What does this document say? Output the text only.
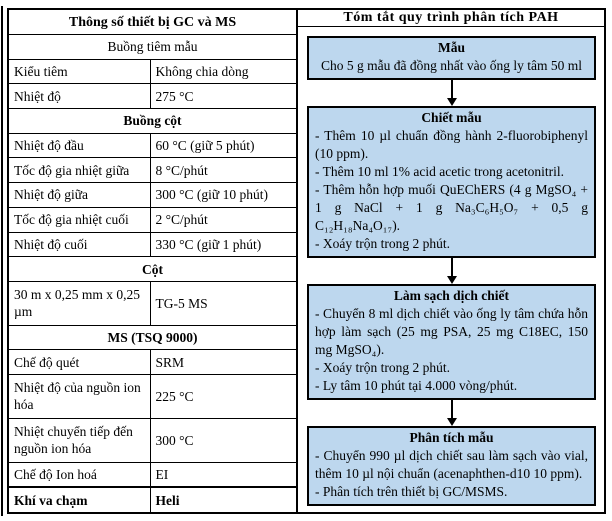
Thông số thiết bị GC và MS	
Buồng tiêm mẫu	
Kiểu tiêm	Không chia dòng
Nhiệt độ	275 °C
Buồng cột	
Nhiệt độ đầu	60 °C (giữ 5 phút)
Tốc độ gia nhiệt giữa	8 °C/phút
Nhiệt độ giữa	300 °C (giữ 10 phút)
Tốc độ gia nhiệt cuối	2 °C/phút
Nhiệt độ cuối	330 °C (giữ 1 phút)
Cột	
30 m x 0,25 mm x 0,25 µm	TG-5 MS
MS (TSQ 9000)	
Chế độ quét	SRM
Nhiệt độ của nguồn ion hóa	225 °C
Nhiệt chuyển tiếp đến nguồn ion hóa	300 °C
Chế độ Ion hoá	EI
Khí va chạm	Heli
Tóm tắt quy trình phân tích PAH
Mẫu
Cho 5 g mẫu đã đồng nhất vào ống ly tâm 50 ml
Chiết mẫu
- Thêm 10 µl chuẩn đồng hành 2-fluorobiphenyl (10 ppm).
- Thêm 10 ml 1% acid acetic trong acetonitril.
- Thêm hỗn hợp muối QuEChERS (4 g MgSO₄ + 1 g NaCl + 1 g Na₃C₆H₅O₇ + 0,5 g C₁₂H₁₈Na₄O₁₇).
- Xoáy trộn trong 2 phút.
Làm sạch dịch chiết
- Chuyển 8 ml dịch chiết vào ống ly tâm chứa hỗn hợp làm sạch (25 mg PSA, 25 mg C18EC, 150 mg MgSO₄).
- Xoáy trộn trong 2 phút.
- Ly tâm 10 phút tại 4.000 vòng/phút.
Phân tích mẫu
- Chuyển 990 µl dịch chiết sau làm sạch vào vial, thêm 10 µl nội chuẩn (acenaphthen-d10 10 ppm).
- Phân tích trên thiết bị GC/MSMS.
